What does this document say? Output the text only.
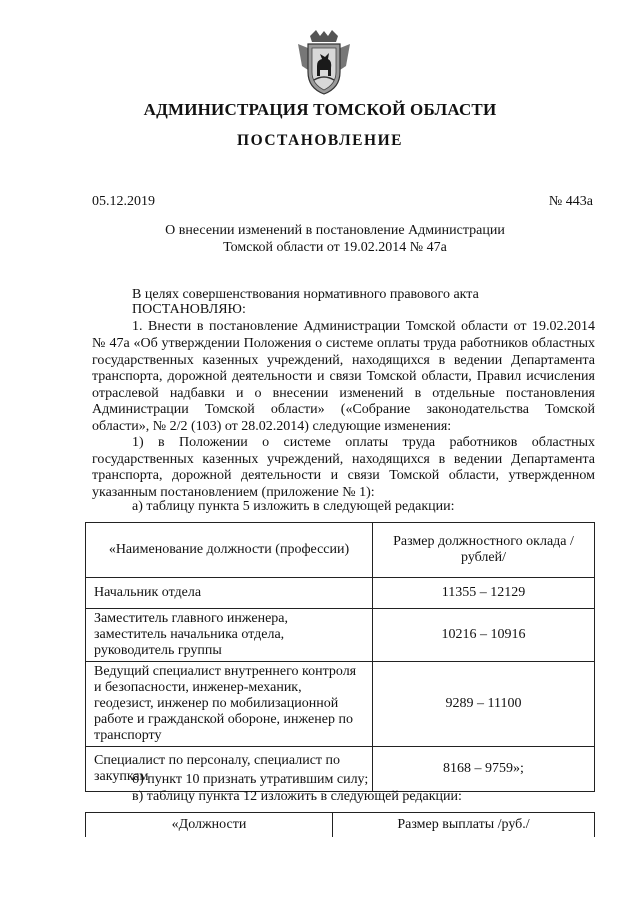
АДМИНИСТРАЦИЯ ТОМСКОЙ ОБЛАСТИ
ПОСТАНОВЛЕНИЕ
05.12.2019	№ 443а
О внесении изменений в постановление Администрации
Томской области от 19.02.2014 № 47а
В целях совершенствования нормативного правового акта
ПОСТАНОВЛЯЮ:
1. Внести в постановление Администрации Томской области от 19.02.2014
№ 47а «Об утверждении Положения о системе оплаты труда работников областных
государственных казенных учреждений, находящихся в ведении Департамента
транспорта, дорожной деятельности и связи Томской области, Правил исчисления
отраслевой надбавки и о внесении изменений в отдельные постановления
Администрации Томской области» («Собрание законодательства Томской
области», № 2/2 (103) от 28.02.2014) следующие изменения:
1) в Положении о системе оплаты труда работников областных
государственных казенных учреждений, находящихся в ведении Департамента
транспорта, дорожной деятельности и связи Томской области, утвержденном
указанным постановлением (приложение № 1):
а) таблицу пункта 5 изложить в следующей редакции:
«Наименование должности (профессии)	Размер должностного оклада /рублей/
Начальник отдела	11355 – 12129
Заместитель главного инженера, заместитель начальника отдела, руководитель группы	10216 – 10916
Ведущий специалист внутреннего контроля и безопасности, инженер-механик, геодезист, инженер по мобилизационной работе и гражданской обороне, инженер по транспорту	9289 – 11100
Специалист по персоналу, специалист по закупкам	8168 – 9759»;
б) пункт 10 признать утратившим силу;
в) таблицу пункта 12 изложить в следующей редакции:
«Должности	Размер выплаты /руб./
